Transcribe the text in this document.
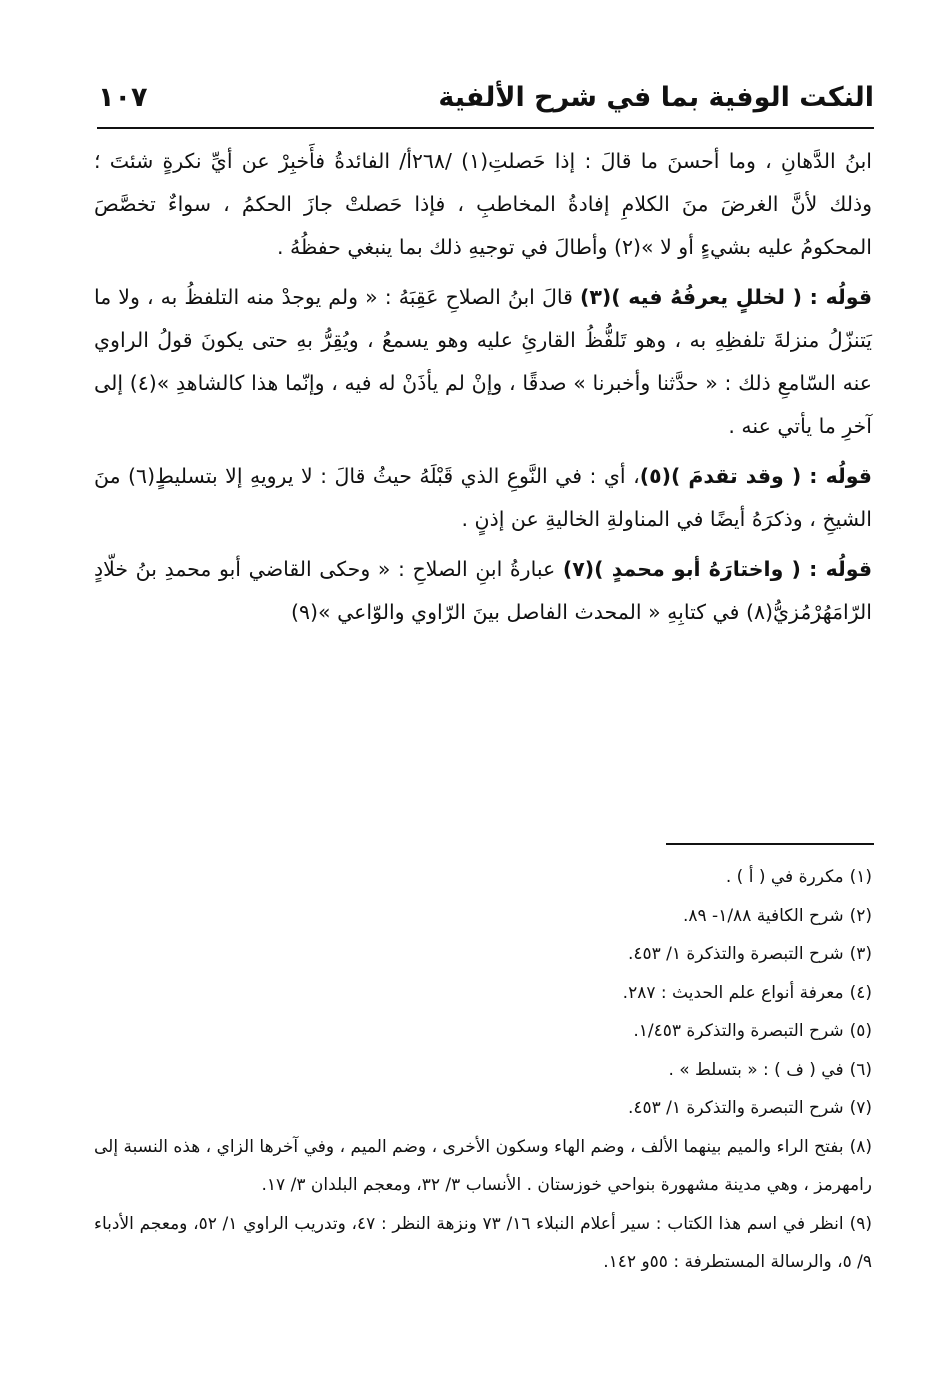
النكت الوفية بما في شرح الألفية
١٠٧

ابنُ الدَّهانِ ، وما أحسنَ ما قالَ : إذا حَصلتِ(١) /٢٦٨أ/ الفائدةُ فأَخبِرْ عن أيِّ نكرةٍ شئتَ ؛ وذلك لأنَّ الغرضَ منَ الكلامِ إفادةُ المخاطبِ ، فإذا حَصلتْ جازَ الحكمُ ، سواءٌ تخصَّصَ المحكومُ عليه بشيءٍ أو لا »(٢) وأطالَ في توجيهِ ذلك بما ينبغي حفظُهُ .

قولُه : ( لخللٍ يعرفُهُ فيه )(٣) قالَ ابنُ الصلاحِ عَقِبَهُ : « ولم يوجدْ منه التلفظُ به ، ولا ما يَتنزّلُ منزلةَ تلفظِهِ به ، وهو تَلفُّظُ القارئِ عليه وهو يسمعُ ، ويُقِرُّ بهِ حتى يكونَ قولُ الراوي عنه السّامعِ ذلك : « حدَّثنا وأخبرنا » صدقًا ، وإنْ لم يأذَنْ له فيه ، وإنّما هذا كالشاهدِ »(٤) إلى آخرِ ما يأتي عنه .

قولُه : ( وقد تقدمَ )(٥)، أي : في النَّوعِ الذي قَبْلَهُ حيثُ قالَ : لا يرويهِ إلا بتسليطٍ(٦) منَ الشيخِ ، وذكرَهُ أيضًا في المناولةِ الخاليةِ عن إذنٍ .

قولُه : ( واختارَهُ أبو محمدٍ )(٧) عبارةُ ابنِ الصلاحِ : « وحكى القاضي أبو محمدِ بنُ خلّادٍ الرّامَهُرْمُزيُّ(٨) في كتابِهِ « المحدث الفاصل بينَ الرّاوي والوّاعي »(٩)

(١)مكررة في ( أ ) .

(٢)شرح الكافية ١/٨٨- ٨٩.

(٣)شرح التبصرة والتذكرة ١/ ٤٥٣.

(٤)معرفة أنواع علم الحديث : ٢٨٧.

(٥)شرح التبصرة والتذكرة ١/٤٥٣.

(٦)في ( ف ) : « بتسلط » .

(٧)شرح التبصرة والتذكرة ١/ ٤٥٣.

(٨)بفتح الراء والميم بينهما الألف ، وضم الهاء وسكون الأخرى ، وضم الميم ، وفي آخرها الزاي ، هذه النسبة إلى رامهرمز ، وهي مدينة مشهورة بنواحي خوزستان . الأنساب ٣/ ٣٢، ومعجم البلدان ٣/ ١٧.

(٩)انظر في اسم هذا الكتاب : سير أعلام النبلاء ١٦/ ٧٣ ونزهة النظر : ٤٧، وتدريب الراوي ١/ ٥٢، ومعجم الأدباء ٩/ ٥، والرسالة المستطرفة : ٥٥و ١٤٢.
